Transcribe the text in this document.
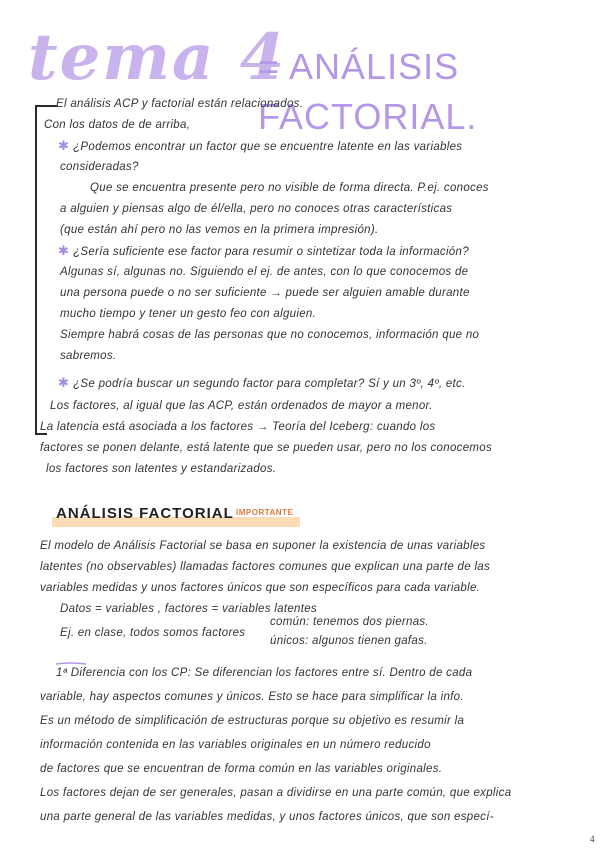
tema 4
= ANÁLISIS FACTORIAL.
El análisis ACP y factorial están relacionados.
Con los datos de de arriba,
✱ ¿Podemos encontrar un factor que se encuentre latente en las variables
consideradas?
Que se encuentra presente pero no visible de forma directa. P.ej. conoces
a alguien y piensas algo de él/ella, pero no conoces otras características
(que están ahí pero no las vemos en la primera impresión).
✱ ¿Sería suficiente ese factor para resumir o sintetizar toda la información?
Algunas sí, algunas no. Siguiendo el ej. de antes, con lo que conocemos de
una persona puede o no ser suficiente → puede ser alguien amable durante
mucho tiempo y tener un gesto feo con alguien.
Siempre habrá cosas de las personas que no conocemos, información que no
sabremos.
✱ ¿Se podría buscar un segundo factor para completar? Sí y un 3º, 4º, etc.
Los factores, al igual que las ACP, están ordenados de mayor a menor.
La latencia está asociada a los factores → Teoría del Iceberg: cuando los
factores se ponen delante, está latente que se pueden usar, pero no los conocemos
los factores son latentes y estandarizados.
El modelo de Análisis Factorial se basa en suponer la existencia de unas variables
latentes (no observables) llamadas factores comunes que explican una parte de las
variables medidas y unos factores únicos que son específicos para cada variable.
Datos = variables , factores = variables latentes
Ej. en clase, todos somos factores
común: tenemos dos piernas.
únicos: algunos tienen gafas.
1ª Diferencia con los CP: Se diferencian los factores entre sí. Dentro de cada
variable, hay aspectos comunes y únicos. Esto se hace para simplificar la info.
Es un método de simplificación de estructuras porque su objetivo es resumir la
información contenida en las variables originales en un número reducido
de factores que se encuentran de forma común en las variables originales.
Los factores dejan de ser generales, pasan a dividirse en una parte común, que explica
una parte general de las variables medidas, y unos factores únicos, que son especí-
ANÁLISIS FACTORIAL IMPORTANTE
4
